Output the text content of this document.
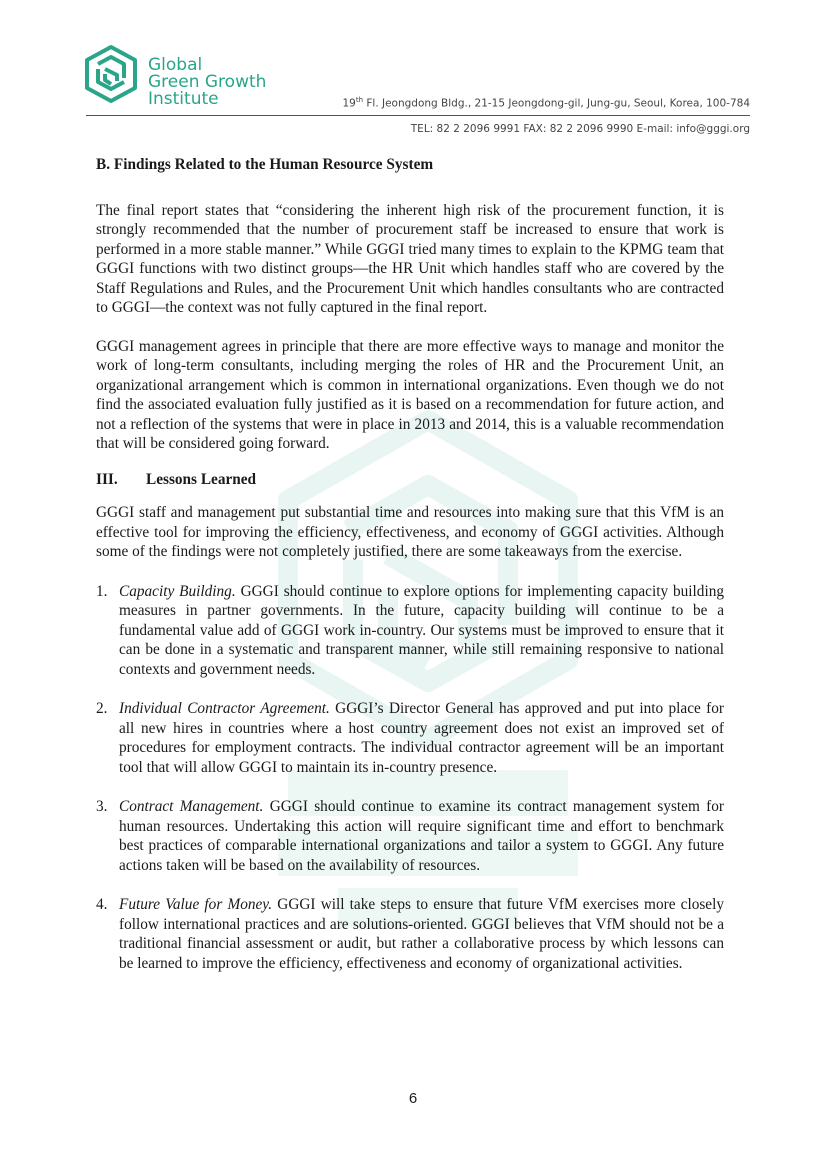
Global
Green Growth
Institute	19th Fl. Jeongdong Bldg., 21-15 Jeongdong-gil, Jung-gu, Seoul, Korea, 100-784
TEL: 82 2 2096 9991 FAX: 82 2 2096 9990 E-mail: info@gggi.org

B. Findings Related to the Human Resource System

The final report states that “considering the inherent high risk of the procurement function, it is strongly recommended that the number of procurement staff be increased to ensure that work is performed in a more stable manner.” While GGGI tried many times to explain to the KPMG team that GGGI functions with two distinct groups—the HR Unit which handles staff who are covered by the Staff Regulations and Rules, and the Procurement Unit which handles consultants who are contracted to GGGI—the context was not fully captured in the final report.

GGGI management agrees in principle that there are more effective ways to manage and monitor the work of long-term consultants, including merging the roles of HR and the Procurement Unit, an organizational arrangement which is common in international organizations. Even though we do not find the associated evaluation fully justified as it is based on a recommendation for future action, and not a reflection of the systems that were in place in 2013 and 2014, this is a valuable recommendation that will be considered going forward.

III. Lessons Learned

GGGI staff and management put substantial time and resources into making sure that this VfM is an effective tool for improving the efficiency, effectiveness, and economy of GGGI activities. Although some of the findings were not completely justified, there are some takeaways from the exercise.

1. Capacity Building. GGGI should continue to explore options for implementing capacity building measures in partner governments. In the future, capacity building will continue to be a fundamental value add of GGGI work in-country. Our systems must be improved to ensure that it can be done in a systematic and transparent manner, while still remaining responsive to national contexts and government needs.
2. Individual Contractor Agreement. GGGI’s Director General has approved and put into place for all new hires in countries where a host country agreement does not exist an improved set of procedures for employment contracts. The individual contractor agreement will be an important tool that will allow GGGI to maintain its in-country presence.
3. Contract Management. GGGI should continue to examine its contract management system for human resources. Undertaking this action will require significant time and effort to benchmark best practices of comparable international organizations and tailor a system to GGGI. Any future actions taken will be based on the availability of resources.
4. Future Value for Money. GGGI will take steps to ensure that future VfM exercises more closely follow international practices and are solutions-oriented. GGGI believes that VfM should not be a traditional financial assessment or audit, but rather a collaborative process by which lessons can be learned to improve the efficiency, effectiveness and economy of organizational activities.
6
